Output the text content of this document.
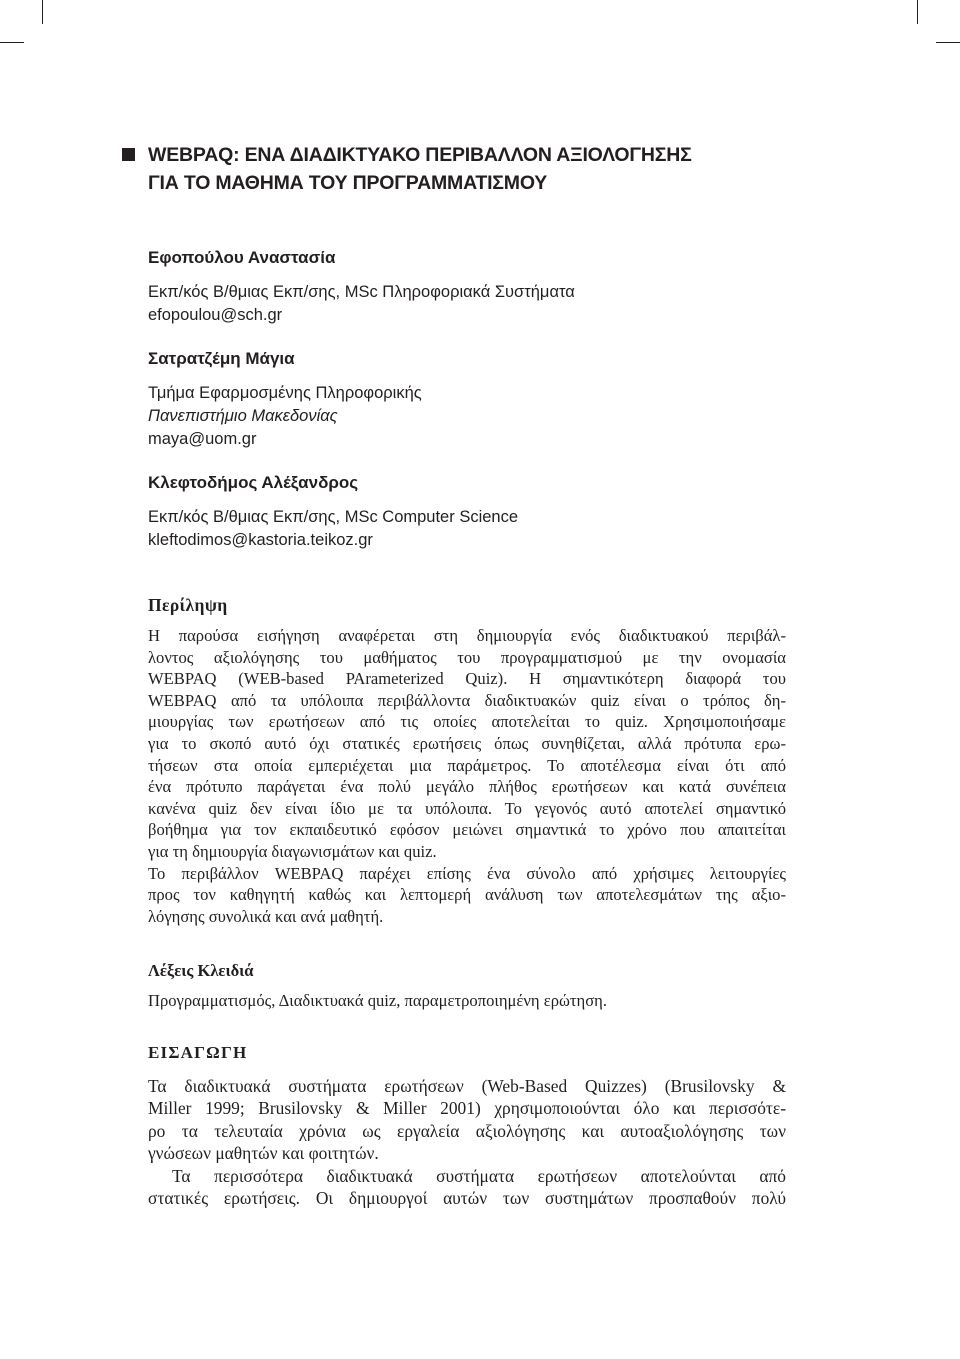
WEBPAQ: ΕΝΑ ΔΙΑΔΙΚΤΥΑΚΟ ΠΕΡΙΒΑΛΛΟΝ ΑΞΙΟΛΟΓΗΣΗΣ
ΓΙΑ ΤΟ ΜΑΘΗΜΑ ΤΟΥ ΠΡΟΓΡΑΜΜΑΤΙΣΜΟΥ
Εφοπούλου Αναστασία
Εκπ/κός Β/θμιας Εκπ/σης, MSc Πληροφοριακά Συστήματα
efopoulou@sch.gr
Σατρατζέμη Μάγια
Τμήμα Εφαρμοσμένης Πληροφορικής
Πανεπιστήμιο Μακεδονίας
maya@uom.gr
Κλεφτοδήμος Αλέξανδρος
Εκπ/κός Β/θμιας Εκπ/σης, MSc Computer Science
kleftodimos@kastoria.teikoz.gr
Περίληψη
Η παρούσα εισήγηση αναφέρεται στη δημιουργία ενός διαδικτυακού περιβάλ-
λοντος αξιολόγησης του μαθήματος του προγραμματισμού με την ονομασία
WEBPAQ (WEB-based PArameterized Quiz). Η σημαντικότερη διαφορά του
WEBPAQ από τα υπόλοιπα περιβάλλοντα διαδικτυακών quiz είναι ο τρόπος δη-
μιουργίας των ερωτήσεων από τις οποίες αποτελείται το quiz. Χρησιμοποιήσαμε
για το σκοπό αυτό όχι στατικές ερωτήσεις όπως συνηθίζεται, αλλά πρότυπα ερω-
τήσεων στα οποία εμπεριέχεται μια παράμετρος. Το αποτέλεσμα είναι ότι από
ένα πρότυπο παράγεται ένα πολύ μεγάλο πλήθος ερωτήσεων και κατά συνέπεια
κανένα quiz δεν είναι ίδιο με τα υπόλοιπα. Το γεγονός αυτό αποτελεί σημαντικό
βοήθημα για τον εκπαιδευτικό εφόσον μειώνει σημαντικά το χρόνο που απαιτείται
για τη δημιουργία διαγωνισμάτων και quiz.
Το περιβάλλον WEBPAQ παρέχει επίσης ένα σύνολο από χρήσιμες λειτουργίες
προς τον καθηγητή καθώς και λεπτομερή ανάλυση των αποτελεσμάτων της αξιο-
λόγησης συνολικά και ανά μαθητή.
Λέξεις Κλειδιά
Προγραμματισμός, Διαδικτυακά quiz, παραμετροποιημένη ερώτηση.
ΕΙΣΑΓΩΓΗ
Τα διαδικτυακά συστήματα ερωτήσεων (Web-Based Quizzes) (Brusilovsky &
Miller 1999; Brusilovsky & Miller 2001) χρησιμοποιούνται όλο και περισσότε-
ρο τα τελευταία χρόνια ως εργαλεία αξιολόγησης και αυτοαξιολόγησης των
γνώσεων μαθητών και φοιτητών.
Τα περισσότερα διαδικτυακά συστήματα ερωτήσεων αποτελούνται από
στατικές ερωτήσεις. Οι δημιουργοί αυτών των συστημάτων προσπαθούν πολύ
